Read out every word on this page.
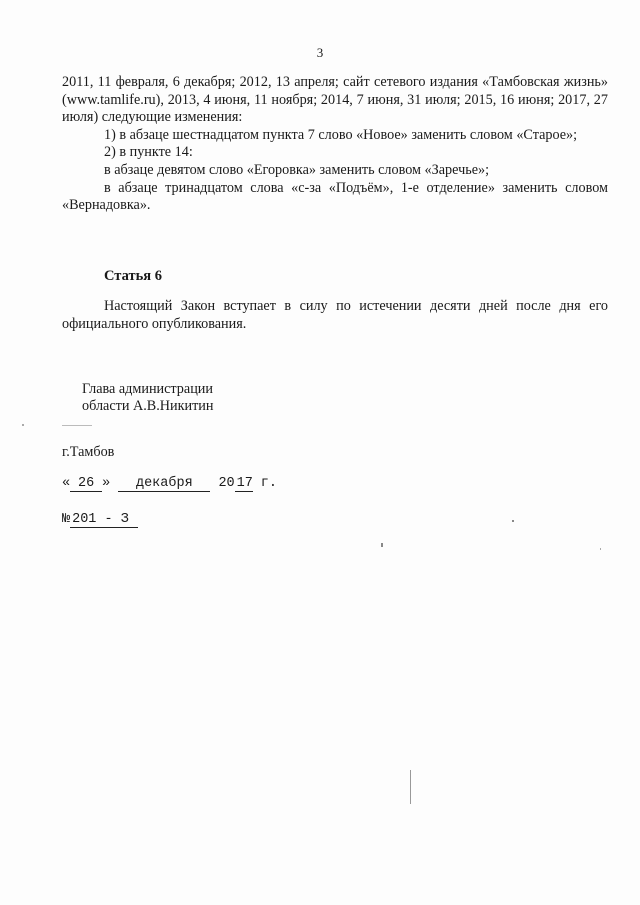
3

2011, 11 февраля, 6 декабря; 2012, 13 апреля; сайт сетевого издания «Тамбовская жизнь» (www.tamlife.ru), 2013, 4 июня, 11 ноября; 2014, 7 июня, 31 июля; 2015, 16 июня; 2017, 27 июля) следующие изменения:

1) в абзаце шестнадцатом пункта 7 слово «Новое» заменить словом «Старое»;

2) в пункте 14:

в абзаце девятом слово «Егоровка» заменить словом «Заречье»;

в абзаце тринадцатом слова «с-за «Подъём», 1-е отделение» заменить словом «Вернадовка».

Статья 6

Настоящий Закон вступает в силу по истечении десяти дней после дня его официального опубликования.

Глава администрации
области А.В.Никитин
г.Тамбов
« 26 » декабря 20 17 г.
№ 201 - З
